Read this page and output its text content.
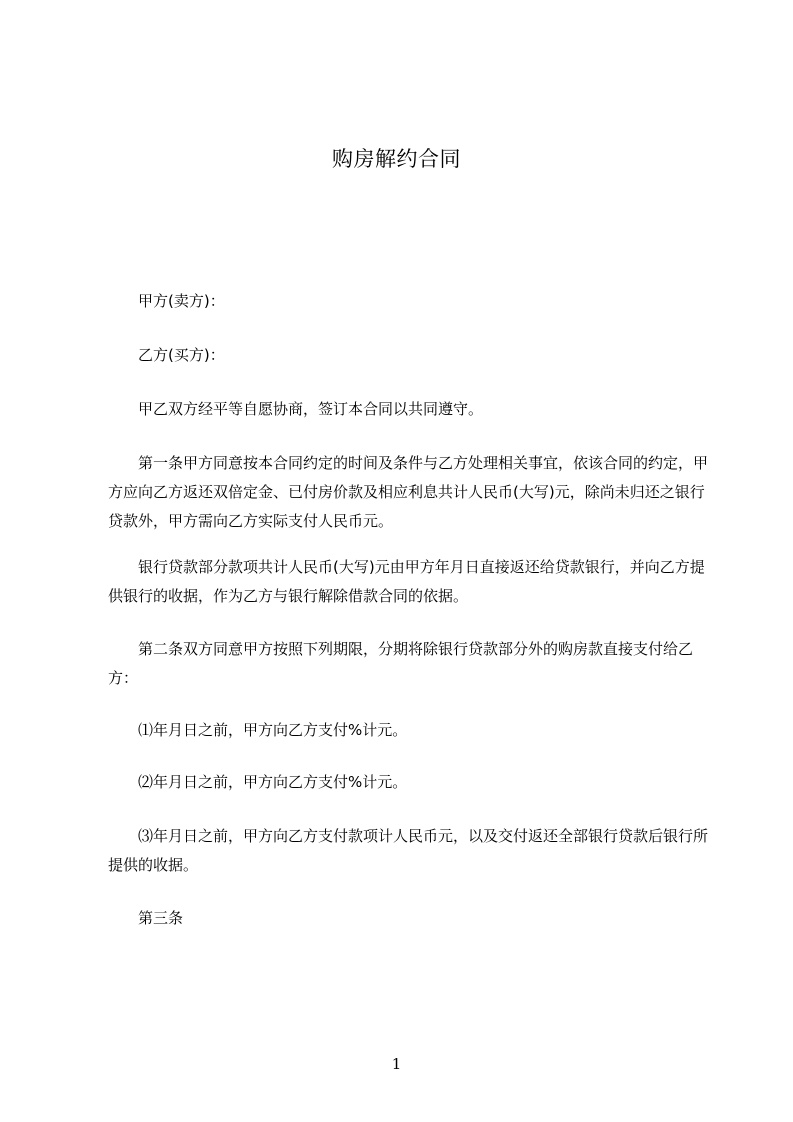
购房解约合同

甲方(卖方)：

乙方(买方)：

甲乙双方经平等自愿协商，签订本合同以共同遵守。

第一条甲方同意按本合同约定的时间及条件与乙方处理相关事宜，依该合同的约定，甲方应向乙方返还双倍定金、已付房价款及相应利息共计人民币(大写)元，除尚未归还之银行贷款外，甲方需向乙方实际支付人民币元。

银行贷款部分款项共计人民币(大写)元由甲方年月日直接返还给贷款银行，并向乙方提供银行的收据，作为乙方与银行解除借款合同的依据。

第二条双方同意甲方按照下列期限，分期将除银行贷款部分外的购房款直接支付给乙方：

⑴年月日之前，甲方向乙方支付%计元。

⑵年月日之前，甲方向乙方支付%计元。

⑶年月日之前，甲方向乙方支付款项计人民币元，以及交付返还全部银行贷款后银行所提供的收据。

第三条

1
